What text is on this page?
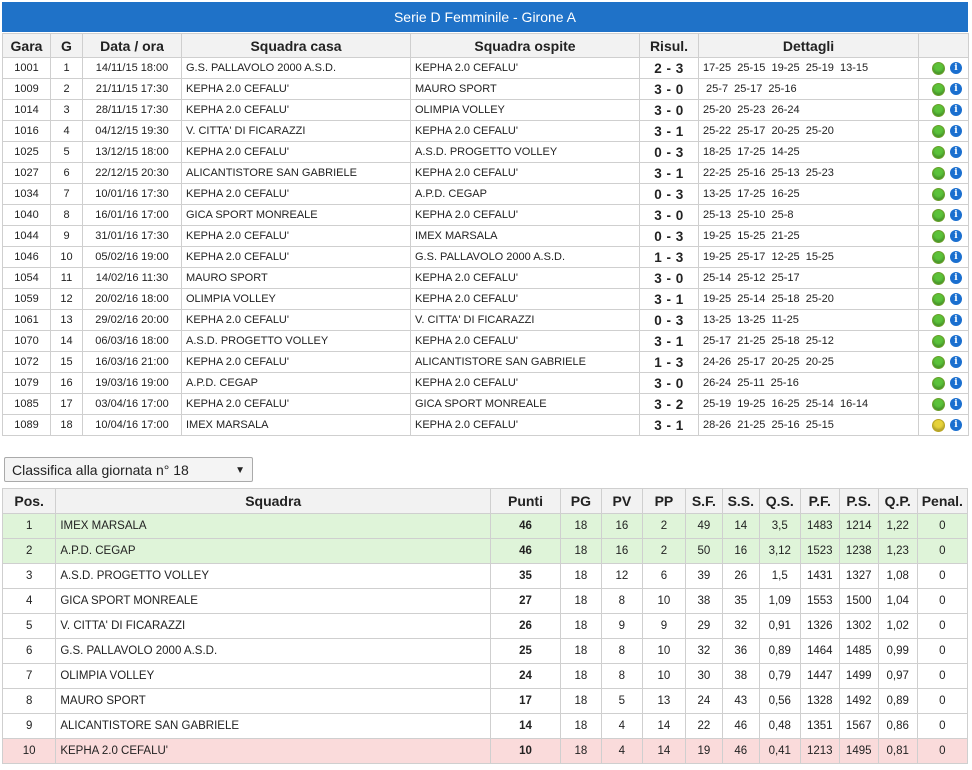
Serie D Femminile - Girone A
Gara	G	Data / ora	Squadra casa	Squadra ospite	Risul.	Dettagli	
1001	1	14/11/15 18:00	G.S. PALLAVOLO 2000 A.S.D.	KEPHA 2.0 CEFALU'	2 - 3	17-25  25-15  19-25  25-19  13-15	i
1009	2	21/11/15 17:30	KEPHA 2.0 CEFALU'	MAURO SPORT	3 - 0	25-7  25-17  25-16	i
1014	3	28/11/15 17:30	KEPHA 2.0 CEFALU'	OLIMPIA VOLLEY	3 - 0	25-20  25-23  26-24	i
1016	4	04/12/15 19:30	V. CITTA' DI FICARAZZI	KEPHA 2.0 CEFALU'	3 - 1	25-22  25-17  20-25  25-20	i
1025	5	13/12/15 18:00	KEPHA 2.0 CEFALU'	A.S.D. PROGETTO VOLLEY	0 - 3	18-25  17-25  14-25	i
1027	6	22/12/15 20:30	ALICANTISTORE SAN GABRIELE	KEPHA 2.0 CEFALU'	3 - 1	22-25  25-16  25-13  25-23	i
1034	7	10/01/16 17:30	KEPHA 2.0 CEFALU'	A.P.D. CEGAP	0 - 3	13-25  17-25  16-25	i
1040	8	16/01/16 17:00	GICA SPORT MONREALE	KEPHA 2.0 CEFALU'	3 - 0	25-13  25-10  25-8	i
1044	9	31/01/16 17:30	KEPHA 2.0 CEFALU'	IMEX MARSALA	0 - 3	19-25  15-25  21-25	i
1046	10	05/02/16 19:00	KEPHA 2.0 CEFALU'	G.S. PALLAVOLO 2000 A.S.D.	1 - 3	19-25  25-17  12-25  15-25	i
1054	11	14/02/16 11:30	MAURO SPORT	KEPHA 2.0 CEFALU'	3 - 0	25-14  25-12  25-17	i
1059	12	20/02/16 18:00	OLIMPIA VOLLEY	KEPHA 2.0 CEFALU'	3 - 1	19-25  25-14  25-18  25-20	i
1061	13	29/02/16 20:00	KEPHA 2.0 CEFALU'	V. CITTA' DI FICARAZZI	0 - 3	13-25  13-25  11-25	i
1070	14	06/03/16 18:00	A.S.D. PROGETTO VOLLEY	KEPHA 2.0 CEFALU'	3 - 1	25-17  21-25  25-18  25-12	i
1072	15	16/03/16 21:00	KEPHA 2.0 CEFALU'	ALICANTISTORE SAN GABRIELE	1 - 3	24-26  25-17  20-25  20-25	i
1079	16	19/03/16 19:00	A.P.D. CEGAP	KEPHA 2.0 CEFALU'	3 - 0	26-24  25-11  25-16	i
1085	17	03/04/16 17:00	KEPHA 2.0 CEFALU'	GICA SPORT MONREALE	3 - 2	25-19  19-25  16-25  25-14  16-14	i
1089	18	10/04/16 17:00	IMEX MARSALA	KEPHA 2.0 CEFALU'	3 - 1	28-26  21-25  25-16  25-15	i
Classifica alla giornata n° 18	▼
Pos.	Squadra	Punti	PG	PV	PP	S.F.	S.S.	Q.S.	P.F.	P.S.	Q.P.	Penal.
1	IMEX MARSALA	46	18	16	2	49	14	3,5	1483	1214	1,22	0
2	A.P.D. CEGAP	46	18	16	2	50	16	3,12	1523	1238	1,23	0
3	A.S.D. PROGETTO VOLLEY	35	18	12	6	39	26	1,5	1431	1327	1,08	0
4	GICA SPORT MONREALE	27	18	8	10	38	35	1,09	1553	1500	1,04	0
5	V. CITTA' DI FICARAZZI	26	18	9	9	29	32	0,91	1326	1302	1,02	0
6	G.S. PALLAVOLO 2000 A.S.D.	25	18	8	10	32	36	0,89	1464	1485	0,99	0
7	OLIMPIA VOLLEY	24	18	8	10	30	38	0,79	1447	1499	0,97	0
8	MAURO SPORT	17	18	5	13	24	43	0,56	1328	1492	0,89	0
9	ALICANTISTORE SAN GABRIELE	14	18	4	14	22	46	0,48	1351	1567	0,86	0
10	KEPHA 2.0 CEFALU'	10	18	4	14	19	46	0,41	1213	1495	0,81	0
